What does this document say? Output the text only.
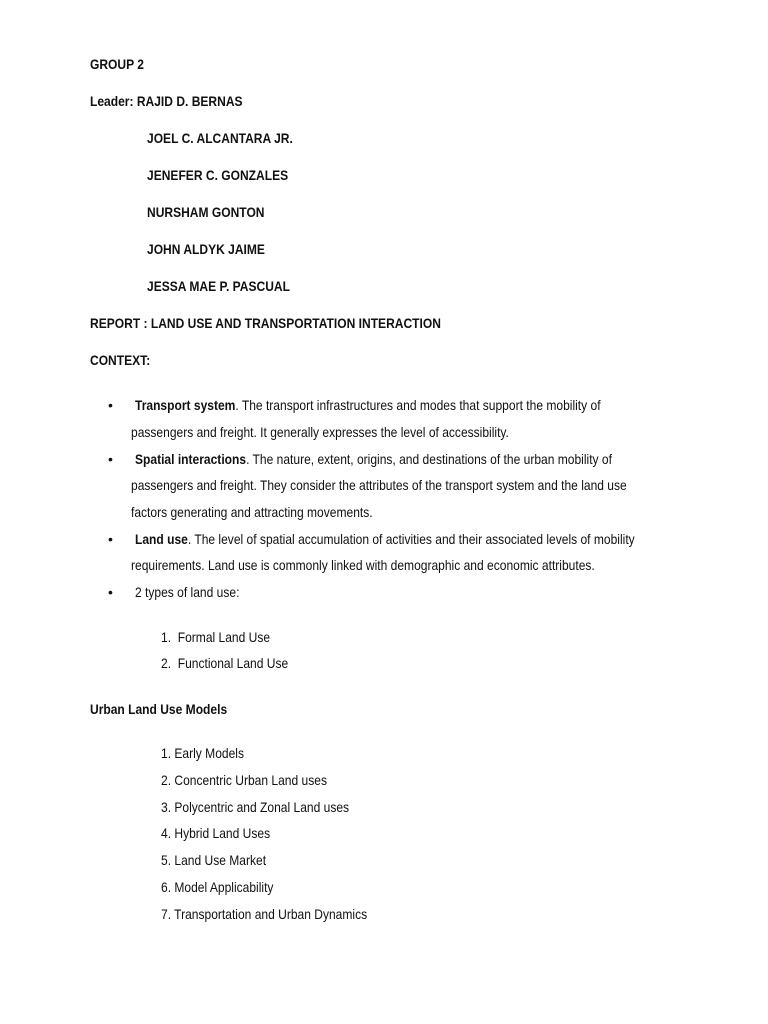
GROUP 2
Leader: RAJID D. BERNAS
JOEL C. ALCANTARA JR.
JENEFER C. GONZALES
NURSHAM GONTON
JOHN ALDYK JAIME
JESSA MAE P. PASCUAL
REPORT : LAND USE AND TRANSPORTATION INTERACTION
CONTEXT:
• Transport system. The transport infrastructures and modes that support the mobility of
passengers and freight. It generally expresses the level of accessibility.
• Spatial interactions. The nature, extent, origins, and destinations of the urban mobility of
passengers and freight. They consider the attributes of the transport system and the land use
factors generating and attracting movements.
• Land use. The level of spatial accumulation of activities and their associated levels of mobility
requirements. Land use is commonly linked with demographic and economic attributes.
• 2 types of land use:
1.  Formal Land Use
2.  Functional Land Use
Urban Land Use Models
1. Early Models
2. Concentric Urban Land uses
3. Polycentric and Zonal Land uses
4. Hybrid Land Uses
5. Land Use Market
6. Model Applicability
7. Transportation and Urban Dynamics
